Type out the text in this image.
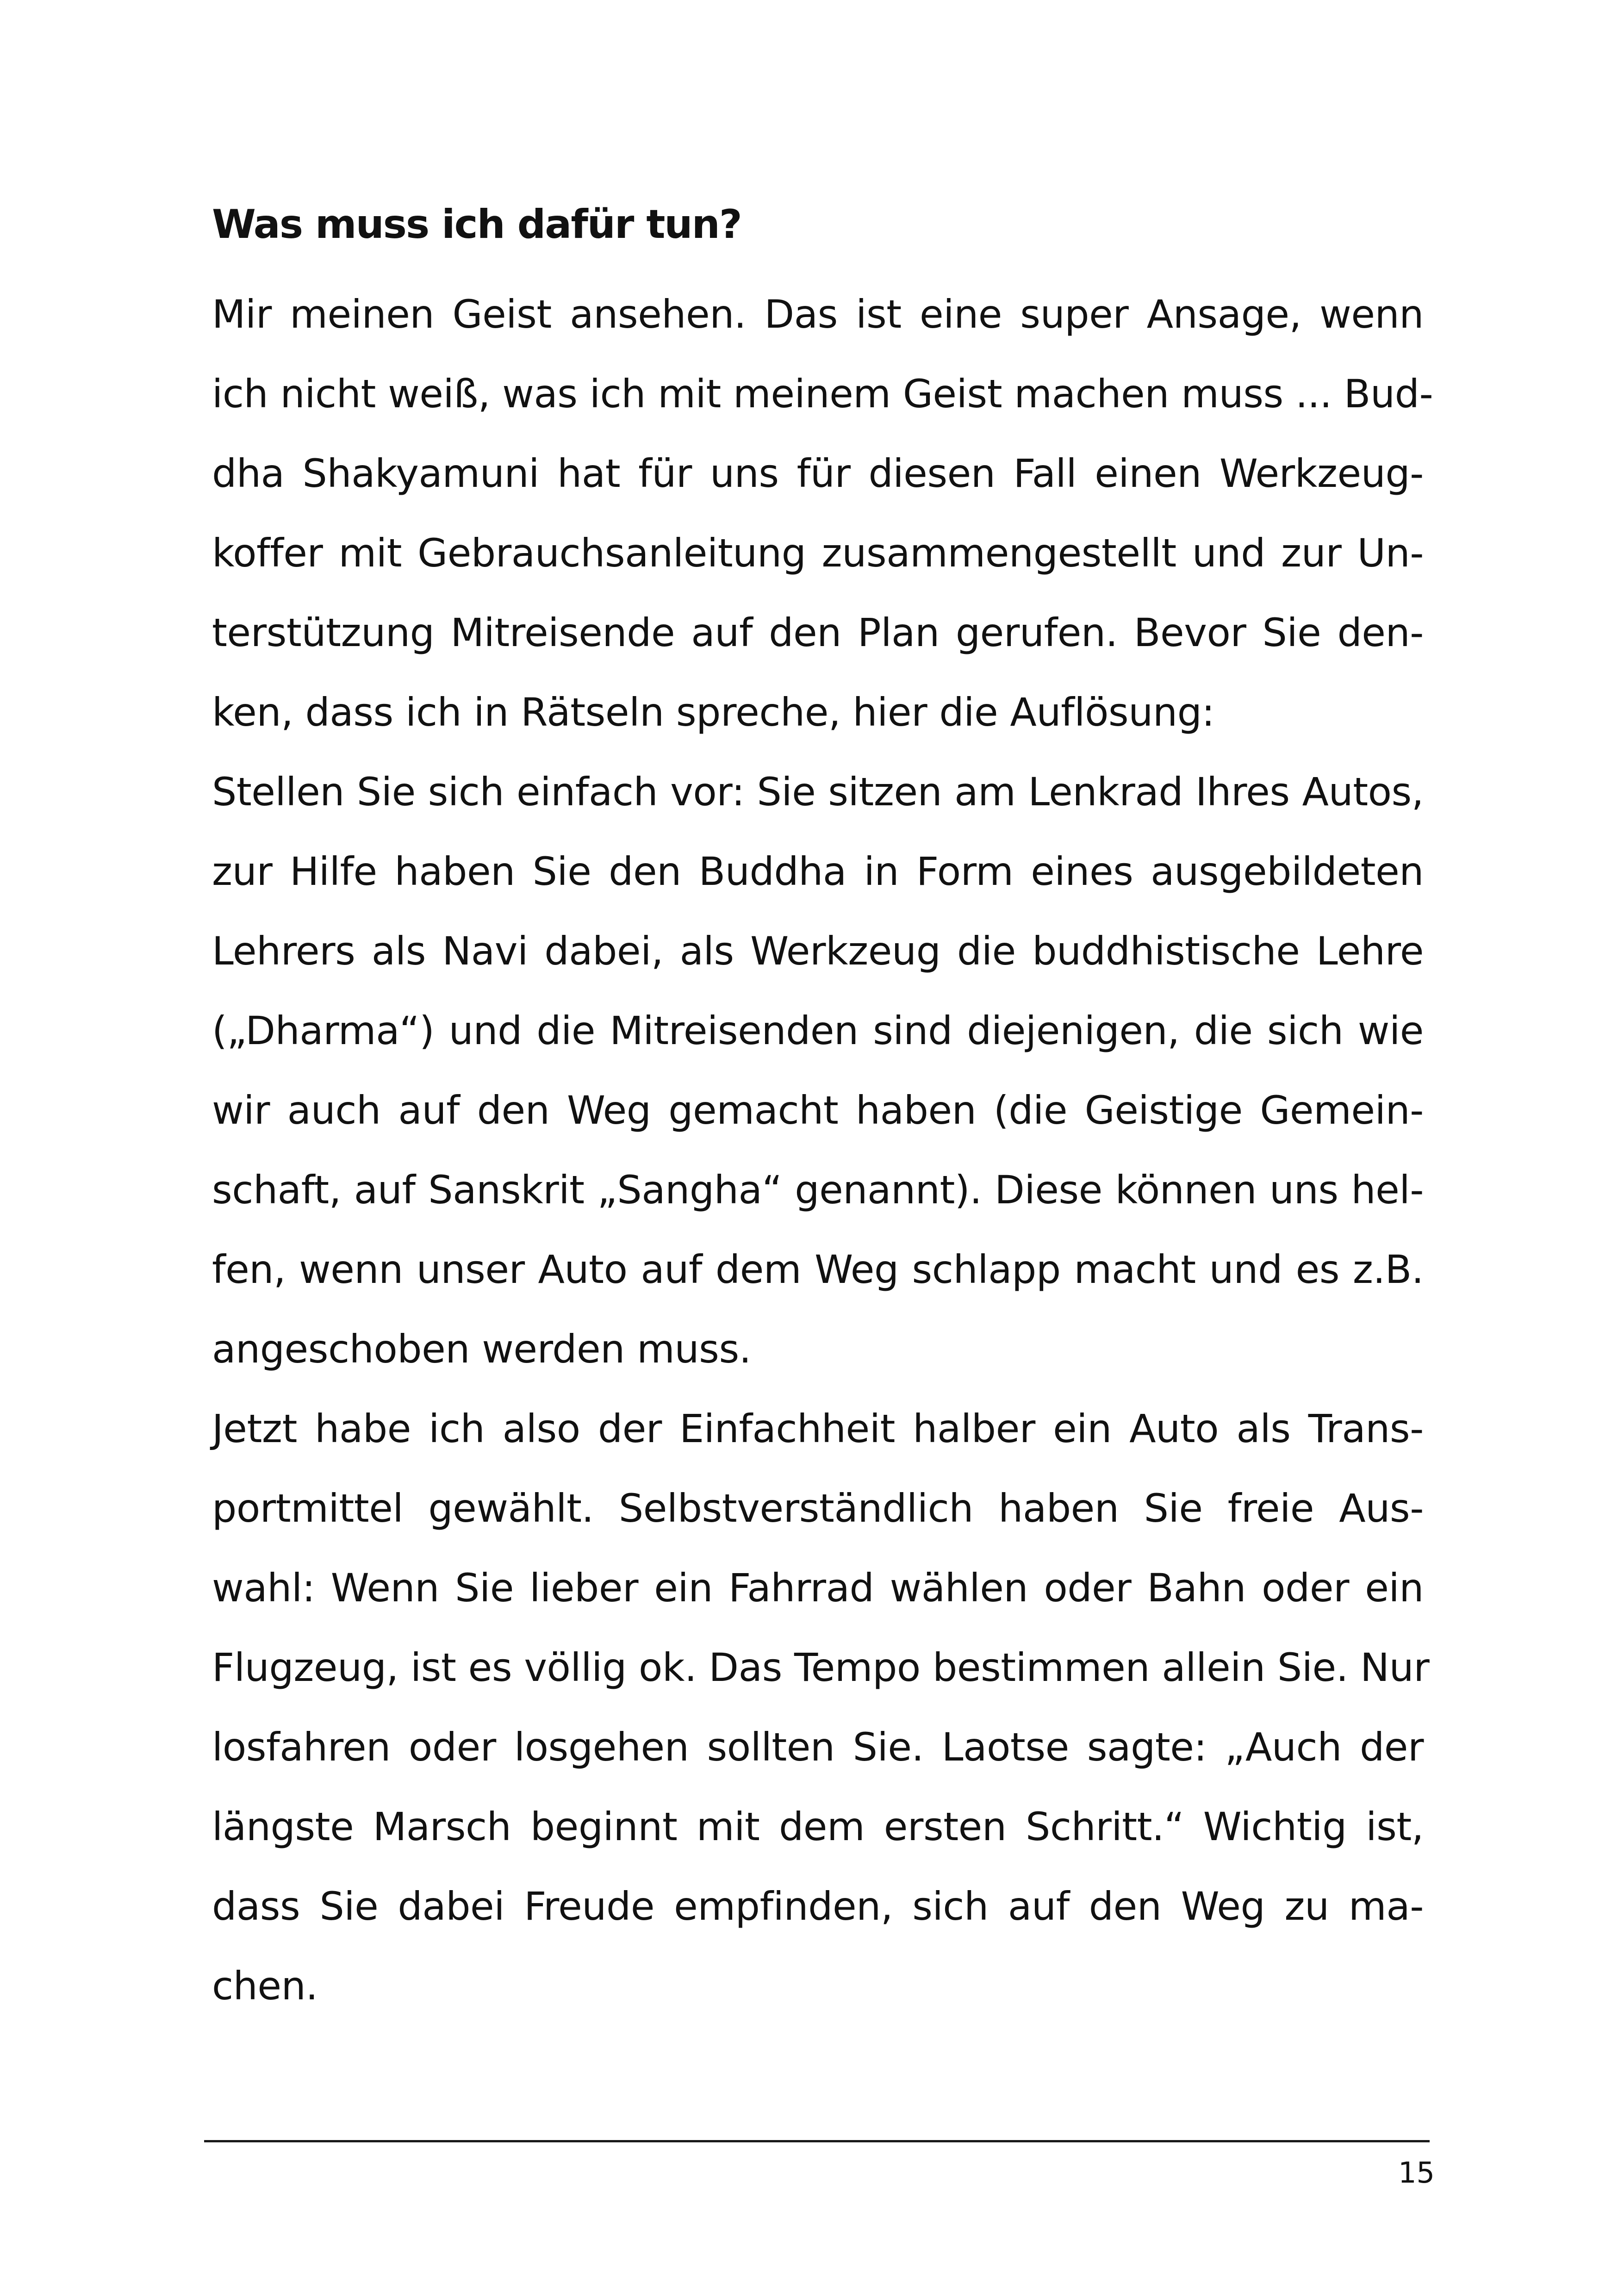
Was muss ich dafür tun?

Mir meinen Geist ansehen. Das ist eine super Ansage, wenn

ich nicht weiß, was ich mit meinem Geist machen muss ... Bud-

dha Shakyamuni hat für uns für diesen Fall einen Werkzeug-

koffer mit Gebrauchsanleitung zusammengestellt und zur Un-

terstützung Mitreisende auf den Plan gerufen. Bevor Sie den-

ken, dass ich in Rätseln spreche, hier die Auflösung:

Stellen Sie sich einfach vor: Sie sitzen am Lenkrad Ihres Autos,

zur Hilfe haben Sie den Buddha in Form eines ausgebildeten

Lehrers als Navi dabei, als Werkzeug die buddhistische Lehre

(„Dharma“) und die Mitreisenden sind diejenigen, die sich wie

wir auch auf den Weg gemacht haben (die Geistige Gemein-

schaft, auf Sanskrit „Sangha“ genannt). Diese können uns hel-

fen, wenn unser Auto auf dem Weg schlapp macht und es z.B.

angeschoben werden muss.

Jetzt habe ich also der Einfachheit halber ein Auto als Trans-

portmittel gewählt. Selbstverständlich haben Sie freie Aus-

wahl: Wenn Sie lieber ein Fahrrad wählen oder Bahn oder ein

Flugzeug, ist es völlig ok. Das Tempo bestimmen allein Sie. Nur

losfahren oder losgehen sollten Sie. Laotse sagte: „Auch der

längste Marsch beginnt mit dem ersten Schritt.“ Wichtig ist,

dass Sie dabei Freude empfinden, sich auf den Weg zu ma-

chen.

15
